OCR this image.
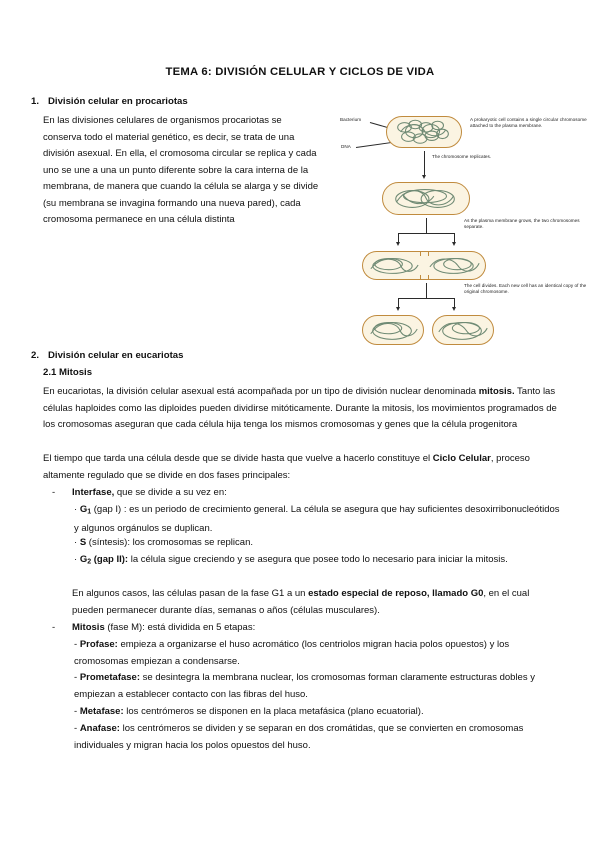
TEMA 6: DIVISIÓN CELULAR Y CICLOS DE VIDA
1. División celular en procariotas

En las divisiones celulares de organismos procariotas se conserva todo el material genético, es decir, se trata de una división asexual. En ella, el cromosoma circular se replica y cada uno se une a una un punto diferente sobre la cara interna de la membrana, de manera que cuando la célula se alarga y se divide (su membrana se invagina formando una nueva pared), cada cromosoma permanece en una célula distinta

Bacterium
DNA
A prokaryotic cell contains a single circular chromosome attached to the plasma membrane.
The chromosome replicates.
As the plasma membrane grows, the two chromosomes separate.
The cell divides. Each new cell has an identical copy of the original chromosome.
2. División celular en eucariotas
2.1 Mitosis

En eucariotas, la división celular asexual está acompañada por un tipo de división nuclear denominada mitosis. Tanto las células haploides como las diploides pueden dividirse mitóticamente. Durante la mitosis, los movimientos programados de los cromosomas aseguran que cada célula hija tenga los mismos cromosomas y genes que la célula progenitora

El tiempo que tarda una célula desde que se divide hasta que vuelve a hacerlo constituye el Ciclo Celular, proceso altamente regulado que se divide en dos fases principales:

- Interfase, que se divide a su vez en:

· $G_1$ (gap I) : es un periodo de crecimiento general. La célula se asegura que hay suficientes desoxirribonucleótidos y algunos orgánulos se duplican.

· S (síntesis): los cromosomas se replican.

· $G_2$ (gap II): la célula sigue creciendo y se asegura que posee todo lo necesario para iniciar la mitosis.

En algunos casos, las células pasan de la fase G1 a un estado especial de reposo, llamado G0, en el cual pueden permanecer durante días, semanas o años (células musculares).

- Mitosis (fase M): está dividida en 5 etapas:

- Profase: empieza a organizarse el huso acromático (los centriolos migran hacia polos opuestos) y los cromosomas empiezan a condensarse.

- Prometafase: se desintegra la membrana nuclear, los cromosomas forman claramente estructuras dobles y empiezan a establecer contacto con las fibras del huso.

- Metafase: los centrómeros se disponen en la placa metafásica (plano ecuatorial).

- Anafase: los centrómeros se dividen y se separan en dos cromátidas, que se convierten en cromosomas individuales y migran hacia los polos opuestos del huso.
